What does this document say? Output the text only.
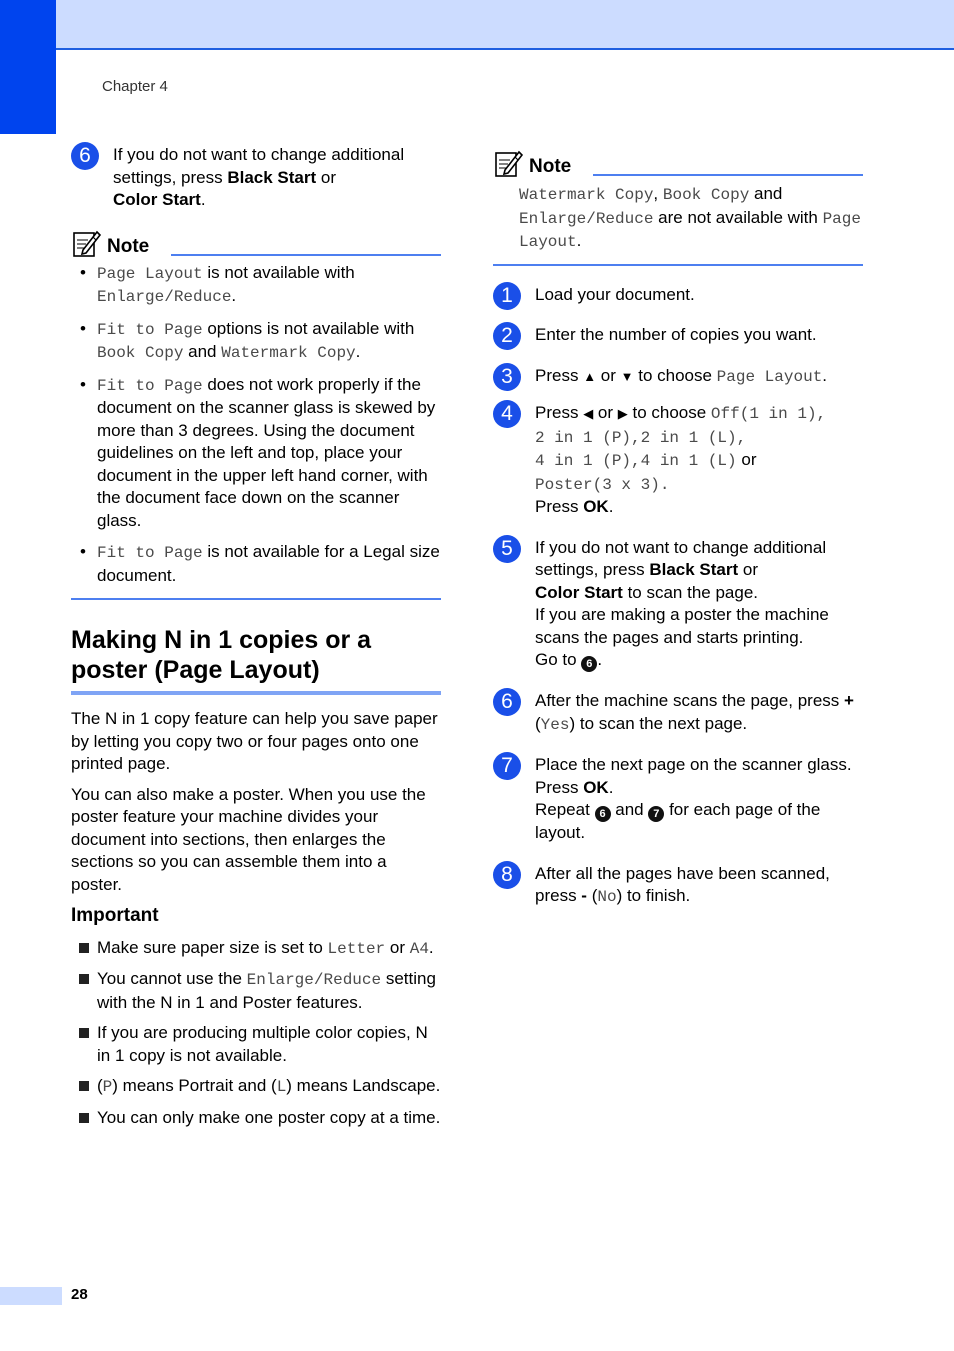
Chapter 4
6	If you do not want to change additional settings, press Black Start or
Color Start.
Note
• Page Layout is not available with Enlarge/Reduce.
• Fit to Page options is not available with Book Copy and Watermark Copy.
• Fit to Page does not work properly if the document on the scanner glass is skewed by more than 3 degrees. Using the document guidelines on the left and top, place your document in the upper left hand corner, with the document face down on the scanner glass.
• Fit to Page is not available for a Legal size document.
Making N in 1 copies or a
poster (Page Layout)

The N in 1 copy feature can help you save paper by letting you copy two or four pages onto one printed page.

You can also make a poster. When you use the poster feature your machine divides your document into sections, then enlarges the sections so you can assemble them into a poster.

Important
Make sure paper size is set to Letter or A4.
You cannot use the Enlarge/Reduce setting with the N in 1 and Poster features.
If you are producing multiple color copies, N in 1 copy is not available.
(P) means Portrait and (L) means Landscape.
You can only make one poster copy at a time.
Note
Watermark Copy, Book Copy and Enlarge/Reduce are not available with Page Layout.
1	Load your document.
2	Enter the number of copies you want.
3	Press ▲ or ▼ to choose Page Layout.
4	Press ◀ or ▶ to choose Off(1 in 1),
2 in 1 (P),2 in 1 (L),
4 in 1 (P),4 in 1 (L) or
Poster(3 x 3).
Press OK.
5	If you do not want to change additional settings, press Black Start or
Color Start to scan the page.
If you are making a poster the machine scans the pages and starts printing.
Go to 6 .
6	After the machine scans the page, press + (Yes) to scan the next page.
7	Place the next page on the scanner glass.
Press OK.
Repeat 6 and 7 for each page of the layout.
8	After all the pages have been scanned, press - (No) to finish.
28
